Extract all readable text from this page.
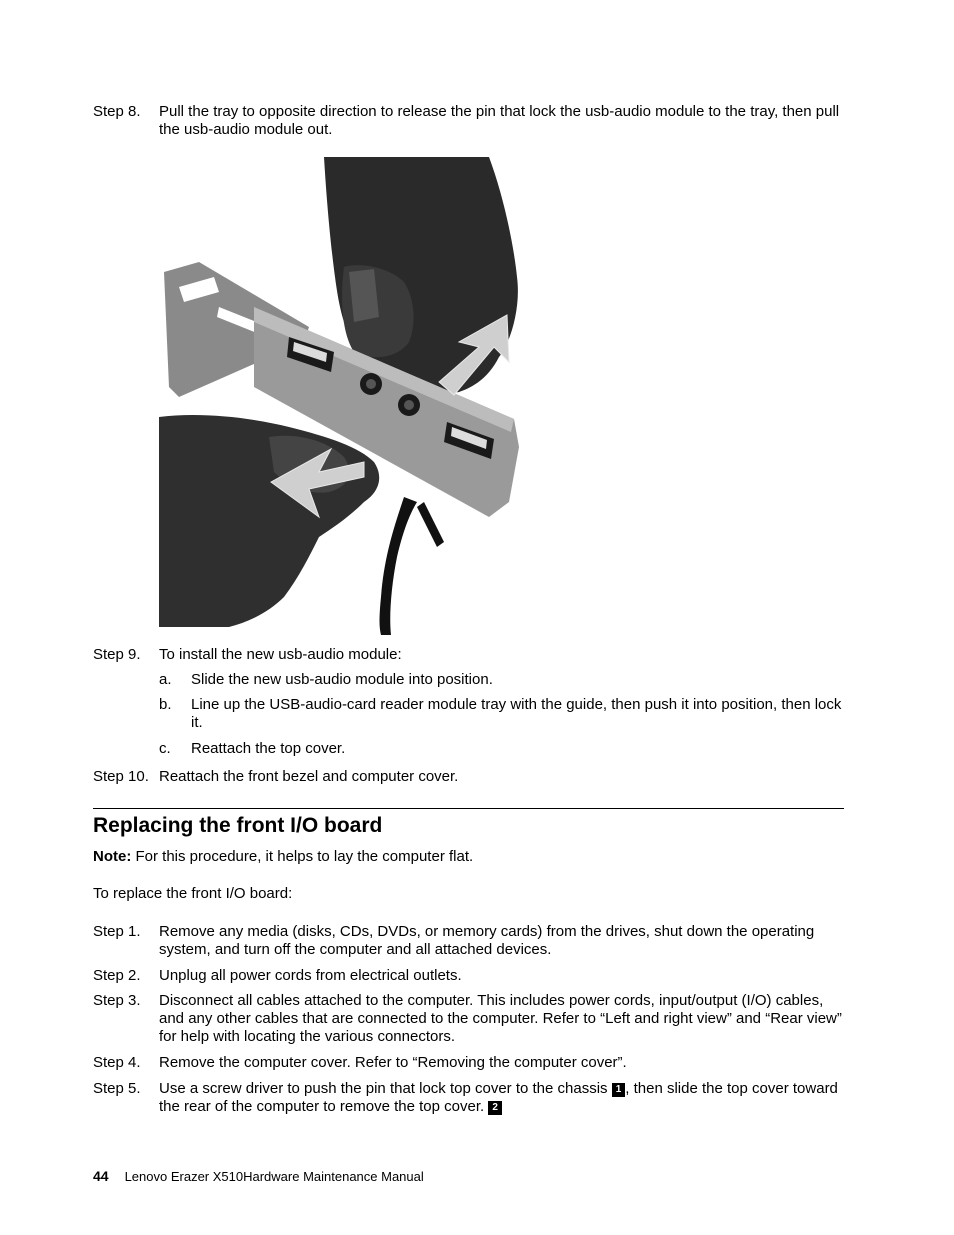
Step 8. Pull the tray to opposite direction to release the pin that lock the usb-audio module to the tray, then pull the usb-audio module out.
Step 9. To install the new usb-audio module:
a. Slide the new usb-audio module into position.
b. Line up the USB-audio-card reader module tray with the guide, then push it into position, then lock it.
c. Reattach the top cover.
Step 10. Reattach the front bezel and computer cover.
Replacing the front I/O board
Note: For this procedure, it helps to lay the computer flat.
To replace the front I/O board:
Step 1. Remove any media (disks, CDs, DVDs, or memory cards) from the drives, shut down the operating system, and turn off the computer and all attached devices.
Step 2. Unplug all power cords from electrical outlets.
Step 3. Disconnect all cables attached to the computer. This includes power cords, input/output (I/O) cables, and any other cables that are connected to the computer. Refer to “Left and right view” and “Rear view” for help with locating the various connectors.
Step 4. Remove the computer cover. Refer to “Removing the computer cover”.
Step 5. Use a screw driver to push the pin that lock top cover to the chassis 1 , then slide the top cover toward the rear of the computer to remove the top cover. 2
44 Lenovo Erazer X510Hardware Maintenance Manual
